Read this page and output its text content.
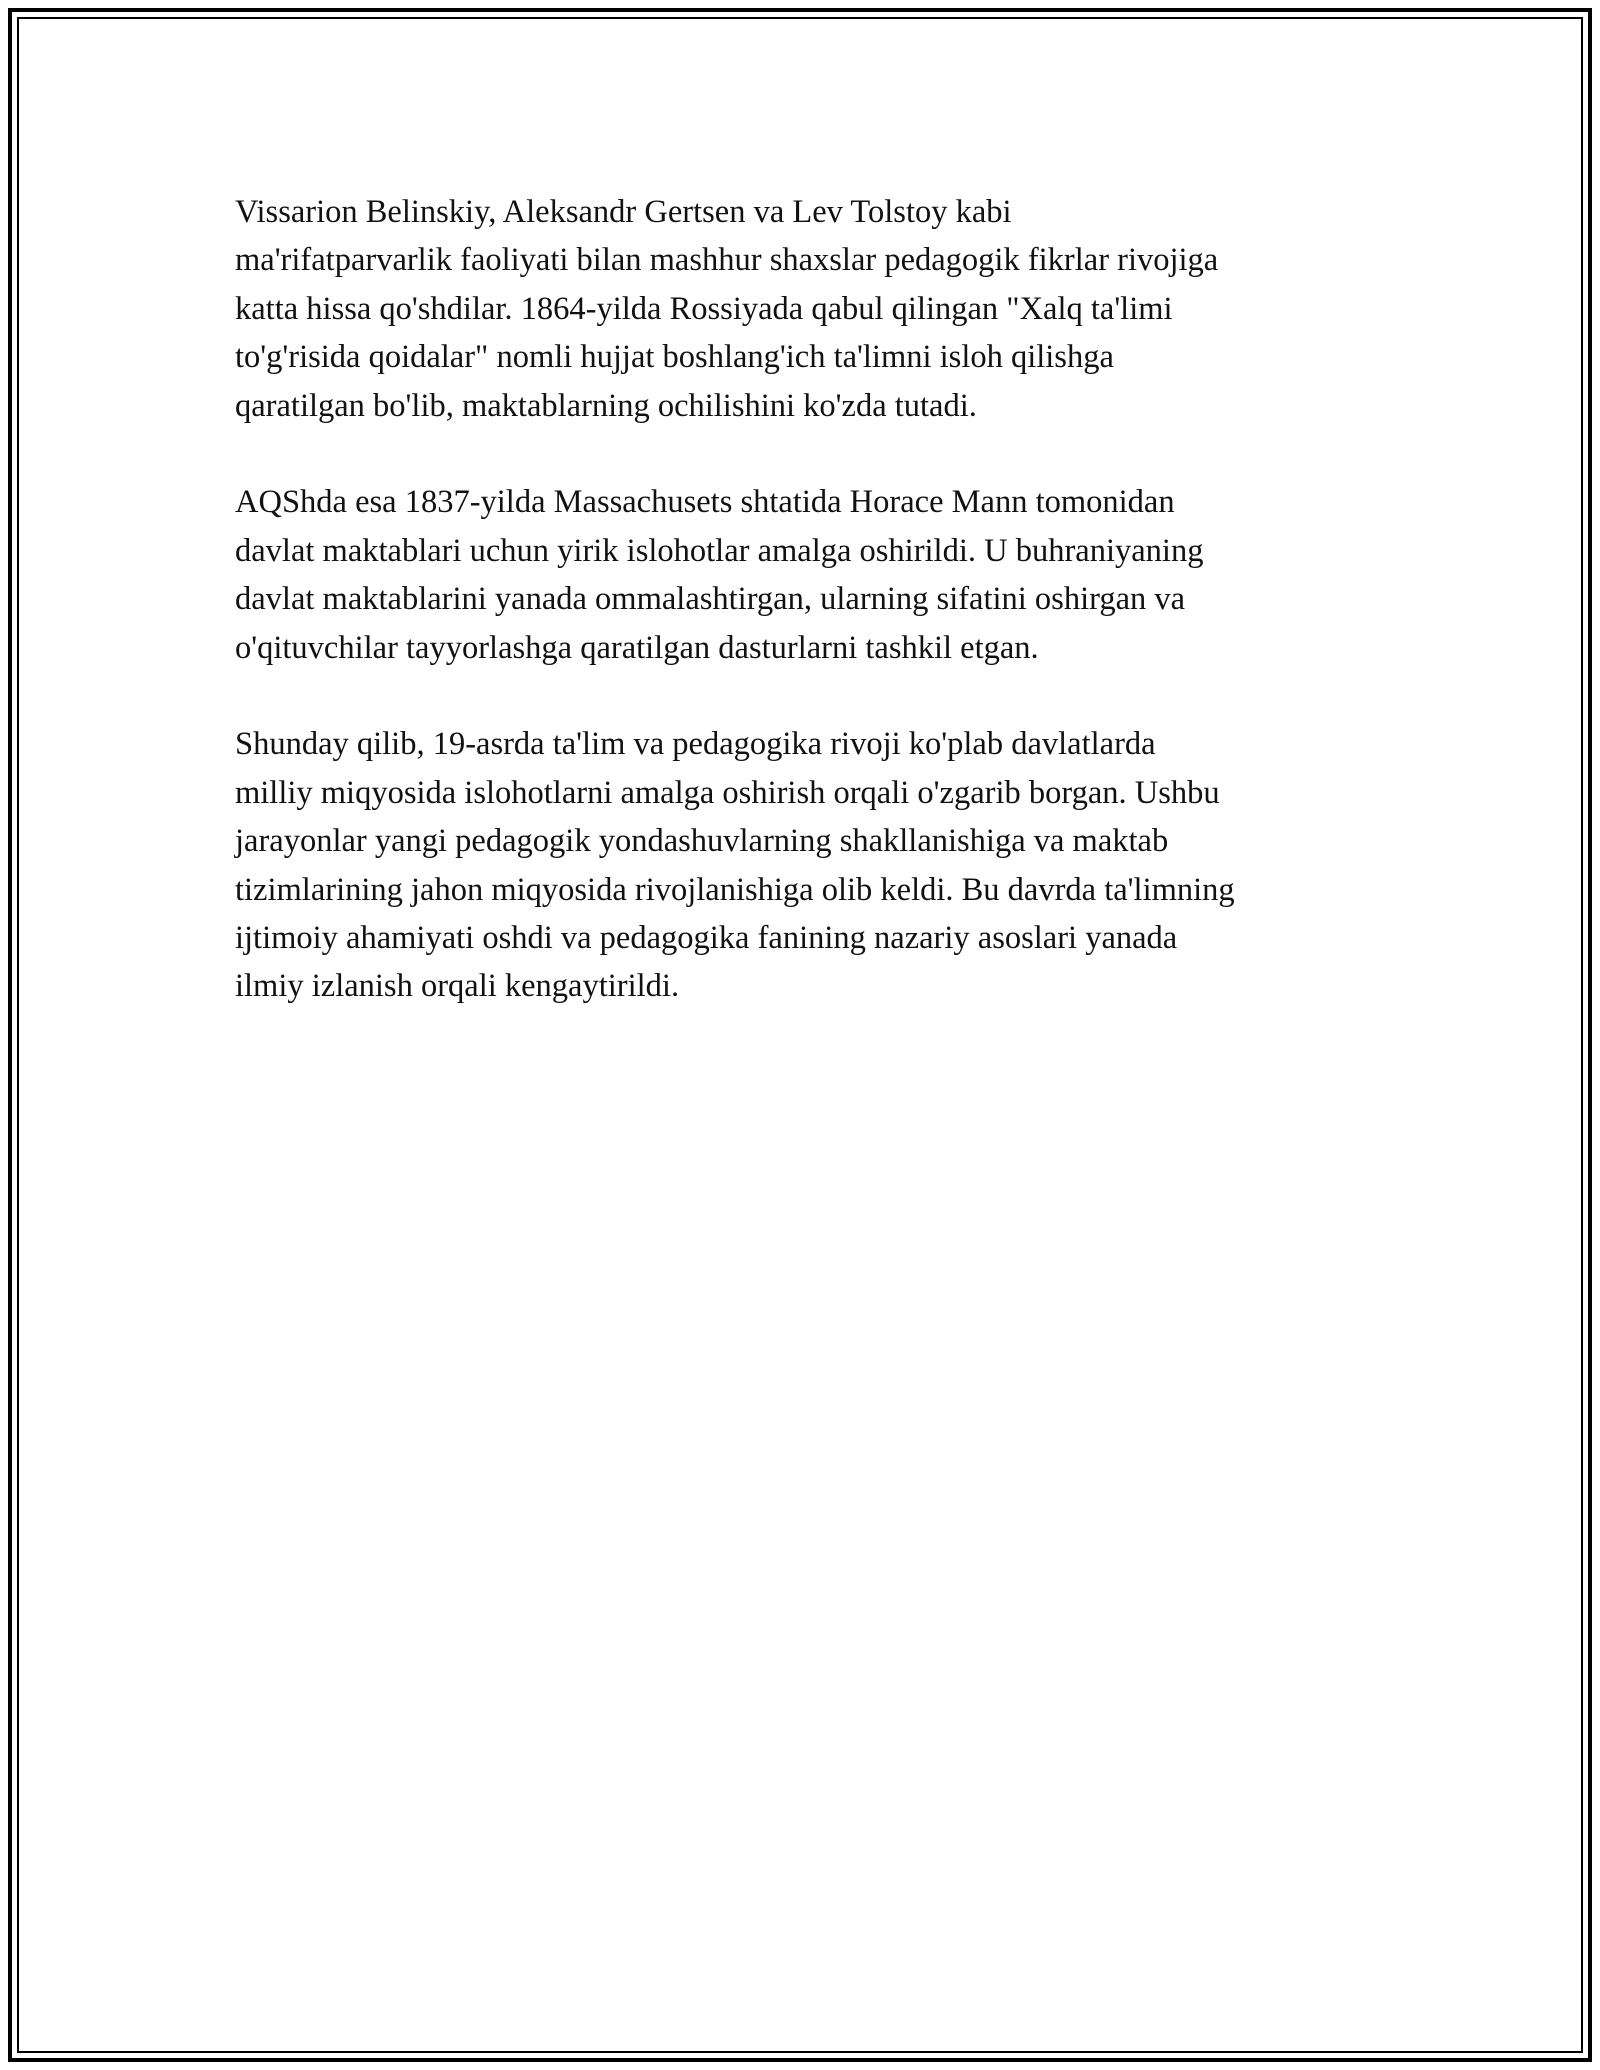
Vissarion Belinskiy, Aleksandr Gertsen va Lev Tolstoy kabi
ma'rifatparvarlik faoliyati bilan mashhur shaxslar pedagogik fikrlar rivojiga
katta hissa qo'shdilar. 1864-yilda Rossiyada qabul qilingan "Xalq ta'limi
to'g'risida qoidalar" nomli hujjat boshlang'ich ta'limni isloh qilishga
qaratilgan bo'lib, maktablarning ochilishini ko'zda tutadi.

AQShda esa 1837-yilda Massachusets shtatida Horace Mann tomonidan
davlat maktablari uchun yirik islohotlar amalga oshirildi. U buhraniyaning
davlat maktablarini yanada ommalashtirgan, ularning sifatini oshirgan va
o'qituvchilar tayyorlashga qaratilgan dasturlarni tashkil etgan.

Shunday qilib, 19-asrda ta'lim va pedagogika rivoji ko'plab davlatlarda
milliy miqyosida islohotlarni amalga oshirish orqali o'zgarib borgan. Ushbu
jarayonlar yangi pedagogik yondashuvlarning shakllanishiga va maktab
tizimlarining jahon miqyosida rivojlanishiga olib keldi. Bu davrda ta'limning
ijtimoiy ahamiyati oshdi va pedagogika fanining nazariy asoslari yanada
ilmiy izlanish orqali kengaytirildi.
